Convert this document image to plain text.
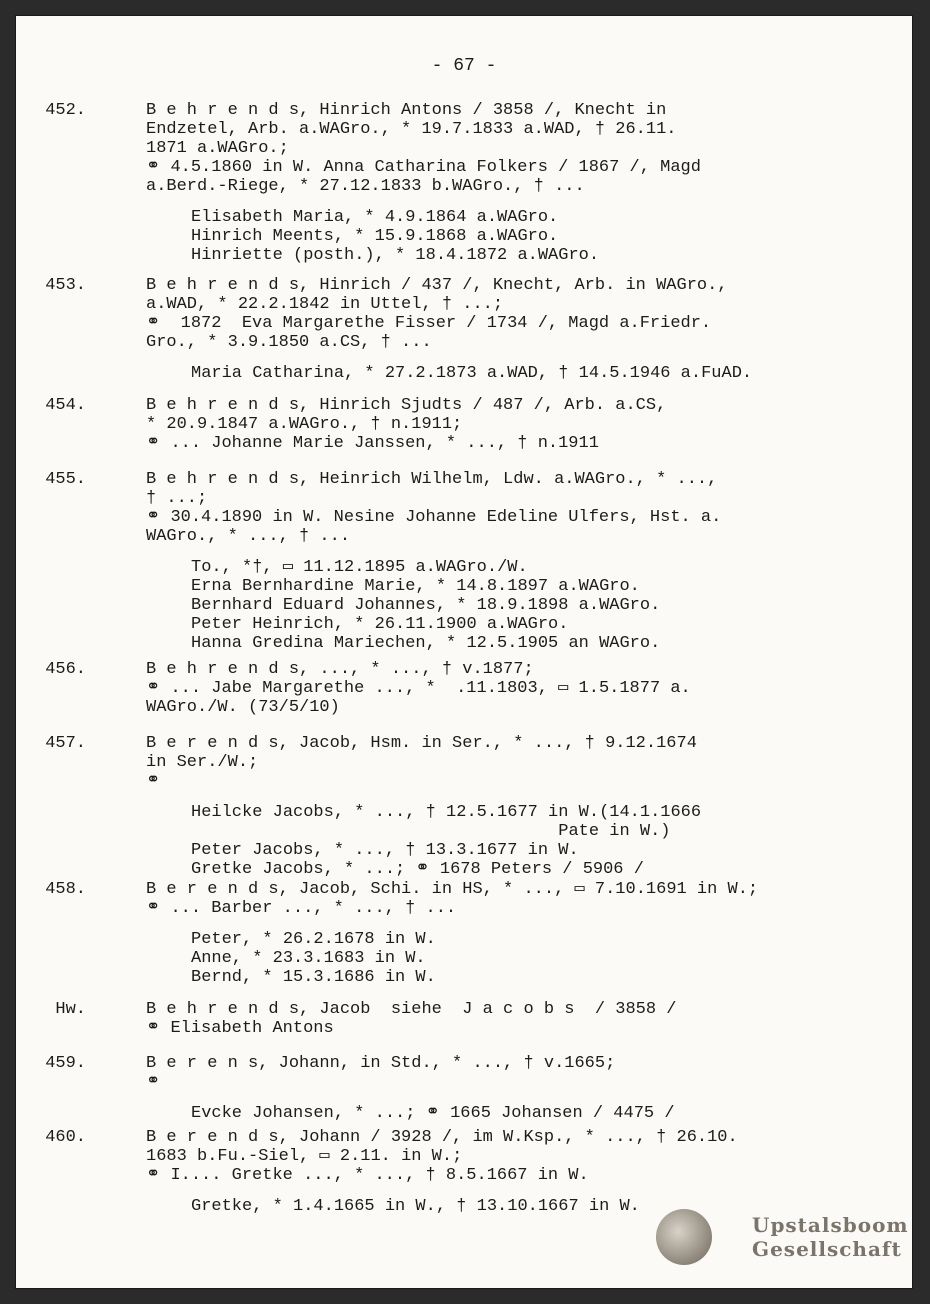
- 67 -
452.	B e h r e n d s, Hinrich Antons / 3858 /, Knecht in
Endzetel, Arb. a.WAGro., * 19.7.1833 a.WAD, † 26.11.
1871 a.WAGro.;
⚭ 4.5.1860 in W. Anna Catharina Folkers / 1867 /, Magd
a.Berd.-Riege, * 27.12.1833 b.WAGro., † ...
Elisabeth Maria, * 4.9.1864 a.WAGro.
Hinrich Meents, * 15.9.1868 a.WAGro.
Hinriette (posth.), * 18.4.1872 a.WAGro.
453.	B e h r e n d s, Hinrich / 437 /, Knecht, Arb. in WAGro.,
a.WAD, * 22.2.1842 in Uttel, † ...;
⚭  1872  Eva Margarethe Fisser / 1734 /, Magd a.Friedr.
Gro., * 3.9.1850 a.CS, † ...
Maria Catharina, * 27.2.1873 a.WAD, † 14.5.1946 a.FuAD.
454.	B e h r e n d s, Hinrich Sjudts / 487 /, Arb. a.CS,
* 20.9.1847 a.WAGro., † n.1911;
⚭ ... Johanne Marie Janssen, * ..., † n.1911
455.	B e h r e n d s, Heinrich Wilhelm, Ldw. a.WAGro., * ...,
† ...;
⚭ 30.4.1890 in W. Nesine Johanne Edeline Ulfers, Hst. a.
WAGro., * ..., † ...
To., *†, ▭ 11.12.1895 a.WAGro./W.
Erna Bernhardine Marie, * 14.8.1897 a.WAGro.
Bernhard Eduard Johannes, * 18.9.1898 a.WAGro.
Peter Heinrich, * 26.11.1900 a.WAGro.
Hanna Gredina Mariechen, * 12.5.1905 an WAGro.
456.	B e h r e n d s, ..., * ..., † v.1877;
⚭ ... Jabe Margarethe ..., *  .11.1803, ▭ 1.5.1877 a.
WAGro./W. (73/5/10)
457.	B e r e n d s, Jacob, Hsm. in Ser., * ..., † 9.12.1674
in Ser./W.;
⚭
Heilcke Jacobs, * ..., † 12.5.1677 in W.(14.1.1666
Pate in W.)
Peter Jacobs, * ..., † 13.3.1677 in W.
Gretke Jacobs, * ...; ⚭ 1678 Peters / 5906 /
458.	B e r e n d s, Jacob, Schi. in HS, * ..., ▭ 7.10.1691 in W.;
⚭ ... Barber ..., * ..., † ...
Peter, * 26.2.1678 in W.
Anne, * 23.3.1683 in W.
Bernd, * 15.3.1686 in W.
Hw.	B e h r e n d s, Jacob  siehe  J a c o b s  / 3858 /
⚭ Elisabeth Antons
459.	B e r e n s, Johann, in Std., * ..., † v.1665;
⚭
Evcke Johansen, * ...; ⚭ 1665 Johansen / 4475 /
460.	B e r e n d s, Johann / 3928 /, im W.Ksp., * ..., † 26.10.
1683 b.Fu.-Siel, ▭ 2.11. in W.;
⚭ I.... Gretke ..., * ..., † 8.5.1667 in W.
Gretke, * 1.4.1665 in W., † 13.10.1667 in W.
Upstalsboom
Gesellschaft
